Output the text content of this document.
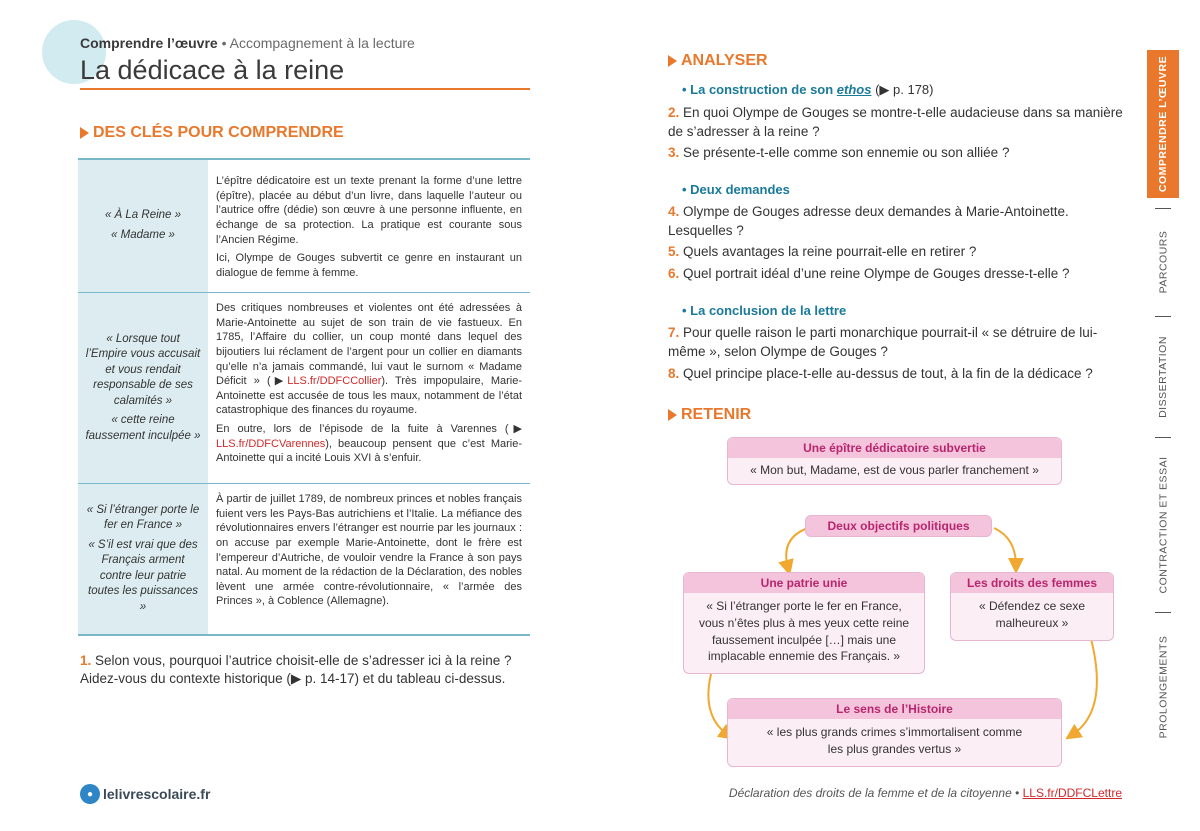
Comprendre l’œuvre • Accompagnement à la lecture
La dédicace à la reine
DES CLÉS POUR COMPRENDRE

« À La Reine »

« Madame »

L’épître dédicatoire est un texte prenant la forme d’une lettre (épître), placée au début d’un livre, dans laquelle l’auteur ou l’autrice offre (dédie) son œuvre à une personne influente, en échange de sa protection. La pratique est courante sous l’Ancien Régime.

Ici, Olympe de Gouges subvertit ce genre en instaurant un dialogue de femme à femme.

« Lorsque tout l’Empire vous accusait et vous rendait responsable de ses calamités »

« cette reine faussement inculpée »

Des critiques nombreuses et violentes ont été adressées à Marie-Antoinette au sujet de son train de vie fastueux. En 1785, l’Affaire du collier, un coup monté dans lequel des bijoutiers lui réclament de l’argent pour un collier en diamants qu’elle n’a jamais commandé, lui vaut le surnom « Madame Déficit » (▶LLS.fr/DDFCCollier). Très impopulaire, Marie-Antoinette est accusée de tous les maux, notamment de l’état catastrophique des finances du royaume.

En outre, lors de l’épisode de la fuite à Varennes (▶ LLS.fr/DDFCVarennes), beaucoup pensent que c’est Marie-Antoinette qui a incité Louis XVI à s’enfuir.

« Si l’étranger porte le fer en France »

« S’il est vrai que des Français arment contre leur patrie toutes les puissances »

À partir de juillet 1789, de nombreux princes et nobles français fuient vers les Pays-Bas autrichiens et l’Italie. La méfiance des révolutionnaires envers l’étranger est nourrie par les journaux : on accuse par exemple Marie-Antoinette, dont le frère est l’empereur d’Autriche, de vouloir vendre la France à son pays natal. Au moment de la rédaction de la Déclaration, des nobles lèvent une armée contre-révolutionnaire, « l’armée des Princes », à Coblence (Allemagne).

1. Selon vous, pourquoi l’autrice choisit-elle de s’adresser ici à la reine ? Aidez-vous du contexte historique (▶ p. 14-17) et du tableau ci-dessus.
● lelivrescolaire.fr
ANALYSER
• La construction de son ethos (▶ p. 178)
2. En quoi Olympe de Gouges se montre-t-elle audacieuse dans sa manière de s’adresser à la reine ?
3. Se présente-t-elle comme son ennemie ou son alliée ?
• Deux demandes
4. Olympe de Gouges adresse deux demandes à Marie-Antoinette. Lesquelles ?
5. Quels avantages la reine pourrait-elle en retirer ?
6. Quel portrait idéal d’une reine Olympe de Gouges dresse-t-elle ?
• La conclusion de la lettre
7. Pour quelle raison le parti monarchique pourrait-il « se détruire de lui-même », selon Olympe de Gouges ?
8. Quel principe place-t-elle au-dessus de tout, à la fin de la dédicace ?
RETENIR
Une épître dédicatoire subvertie
« Mon but, Madame, est de vous parler franchement »
Deux objectifs politiques
Une patrie unie
« Si l’étranger porte le fer en France, vous n’êtes plus à mes yeux cette reine faussement inculpée […] mais une implacable ennemie des Français. »
Les droits des femmes
« Défendez ce sexe malheureux »
Le sens de l’Histoire
« les plus grands crimes s’immortalisent comme les plus grandes vertus »
Déclaration des droits de la femme et de la citoyenne • LLS.fr/DDFCLettre
COMPRENDRE L’ŒUVRE
PARCOURS
DISSERTATION
CONTRACTION ET ESSAI
PROLONGEMENTS
